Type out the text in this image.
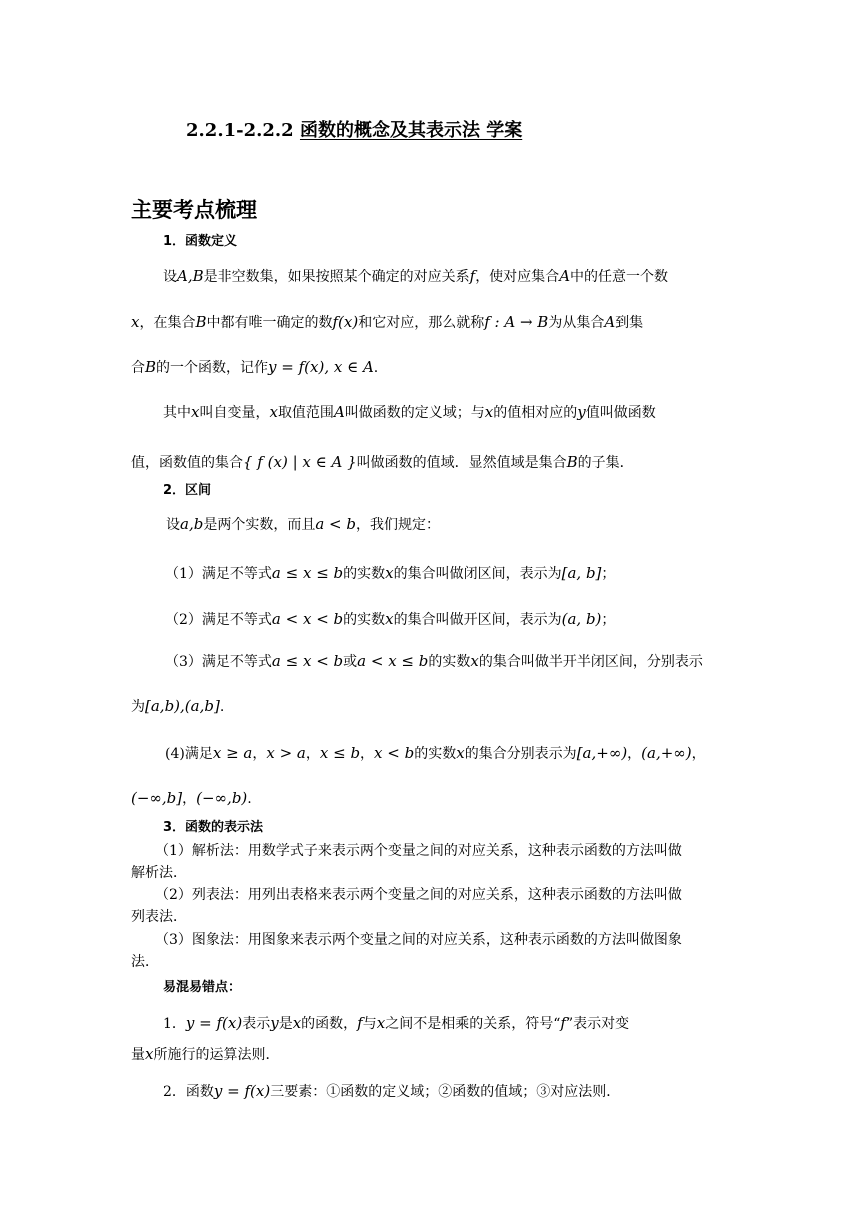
2.2.1-2.2.2 函数的概念及其表示法 学案
主要考点梳理
1．函数定义
设A,B是非空数集，如果按照某个确定的对应关系f，使对应集合A中的任意一个数
x，在集合B中都有唯一确定的数f(x)和它对应，那么就称f : A → B为从集合A到集
合B的一个函数，记作y = f(x), x ∈ A.
其中x叫自变量，x取值范围A叫做函数的定义域；与x的值相对应的y值叫做函数
值，函数值的集合{ f (x) | x ∈ A }叫做函数的值域．显然值域是集合B的子集．
2．区间
设a,b是两个实数，而且a < b，我们规定：
（1）满足不等式a ≤ x ≤ b的实数x的集合叫做闭区间，表示为[a, b]；
（2）满足不等式a < x < b的实数x的集合叫做开区间，表示为(a, b)；
（3）满足不等式a ≤ x < b或a < x ≤ b的实数x的集合叫做半开半闭区间，分别表示
为[a,b),(a,b].
(4)满足x ≥ a，x > a，x ≤ b，x < b的实数x的集合分别表示为[a,+∞)，(a,+∞)，
(−∞,b]，(−∞,b).
3．函数的表示法
（1）解析法：用数学式子来表示两个变量之间的对应关系，这种表示函数的方法叫做
解析法．
（2）列表法：用列出表格来表示两个变量之间的对应关系，这种表示函数的方法叫做
列表法．
（3）图象法：用图象来表示两个变量之间的对应关系，这种表示函数的方法叫做图象
法．
易混易错点：
1．y = f(x)表示y是x的函数，f与x之间不是相乘的关系，符号“f”表示对变
量x所施行的运算法则．
2．函数y = f(x)三要素：①函数的定义域；②函数的值域；③对应法则．
